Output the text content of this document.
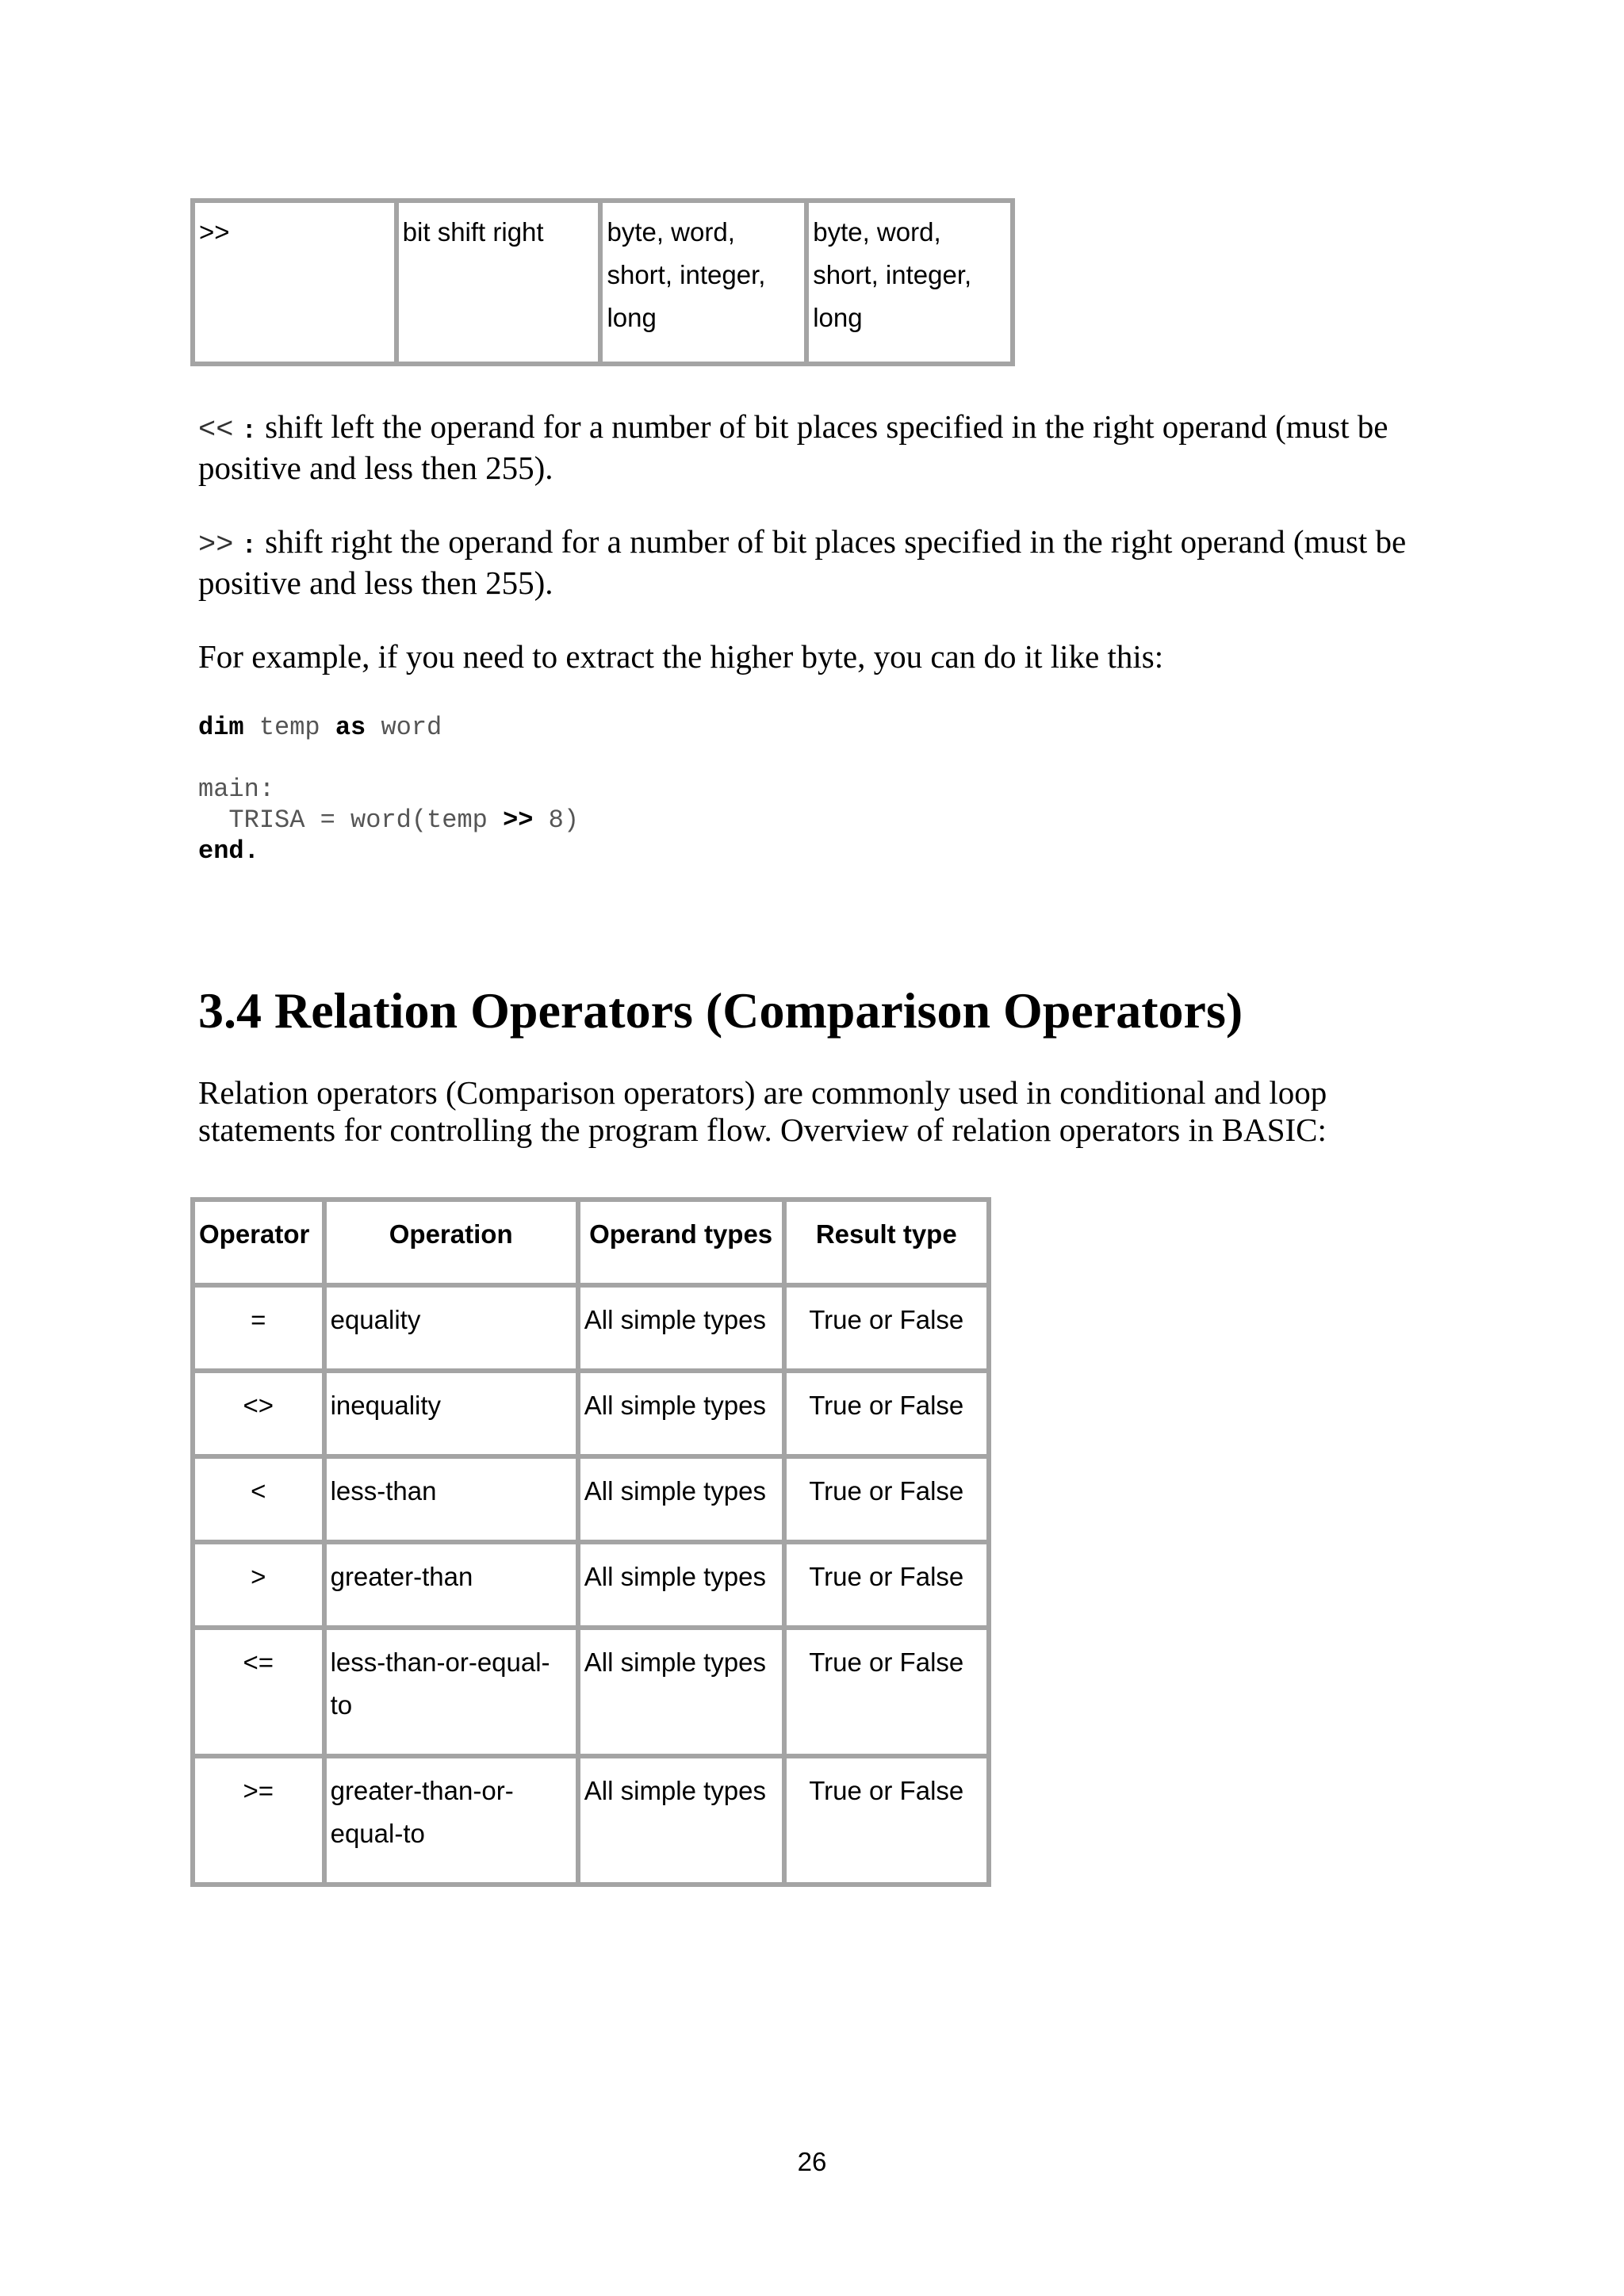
>>	bit shift right	byte, word, short, integer, long	byte, word, short, integer, long
<< : shift left the operand for a number of bit places specified in the right operand (must be positive and less then 255).
>> : shift right the operand for a number of bit places specified in the right operand (must be positive and less then 255).
For example, if you need to extract the higher byte, you can do it like this:
dim temp as word

main:
TRISA = word(temp >> 8)
end.
3.4 Relation Operators (Comparison Operators)
Relation operators (Comparison operators) are commonly used in conditional and loop statements for controlling the program flow. Overview of relation operators in BASIC:
Operator	Operation	Operand types	Result type
=	equality	All simple types	True or False
<>	inequality	All simple types	True or False
<	less-than	All simple types	True or False
>	greater-than	All simple types	True or False
<=	less-than-or-equal-to	All simple types	True or False
>=	greater-than-or-equal-to	All simple types	True or False
26
